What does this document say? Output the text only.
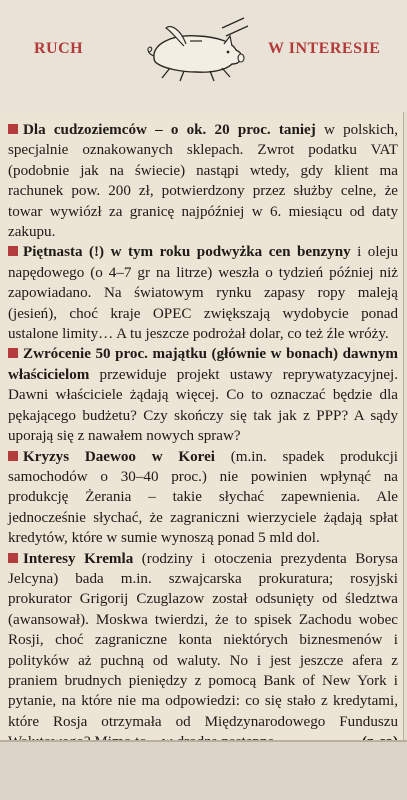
RUCH	W INTERESIE

Dla cudzoziemców – o ok. 20 proc. taniej w polskich, specjalnie oznakowanych sklepach. Zwrot podatku VAT (podobnie jak na świecie) nastąpi wtedy, gdy klient ma rachunek pow. 200 zł, potwierdzony przez służby celne, że towar wywiózł za granicę najpóźniej w 6. miesiącu od daty zakupu.

Piętnasta (!) w tym roku podwyżka cen benzyny i oleju napędowego (o 4–7 gr na litrze) weszła o tydzień później niż zapowiadano. Na światowym rynku zapasy ropy maleją (jesień), choć kraje OPEC zwiększają wydobycie ponad ustalone limity… A tu jeszcze podrożał dolar, co też źle wróży.

Zwrócenie 50 proc. majątku (głównie w bonach) dawnym właścicielom przewiduje projekt ustawy reprywatyzacyjnej. Dawni właściciele żądają więcej. Co to oznaczać będzie dla pękającego budżetu? Czy skończy się tak jak z PPP? A sądy uporają się z nawałem nowych spraw?

Kryzys Daewoo w Korei (m.in. spadek produkcji samochodów o 30–40 proc.) nie powinien wpłynąć na produkcję Żerania – takie słychać zapewnienia. Ale jednocześnie słychać, że zagraniczni wierzyciele żądają spłat kredytów, które w sumie wynoszą ponad 5 mld dol.

Interesy Kremla (rodziny i otoczenia prezydenta Borysa Jelcyna) bada m.in. szwajcarska prokuratura; rosyjski prokurator Grigorij Czuglazow został odsunięty od śledztwa (awansował). Moskwa twierdzi, że to spisek Zachodu wobec Rosji, choć zagraniczne konta niektórych biznesmenów i polityków aż puchną od waluty. No i jest jeszcze afera z praniem brudnych pieniędzy z pomocą Bank of New York i pytanie, na które nie ma odpowiedzi: co się stało z kredytami, które Rosja otrzymała od Międzynarodowego Funduszu
